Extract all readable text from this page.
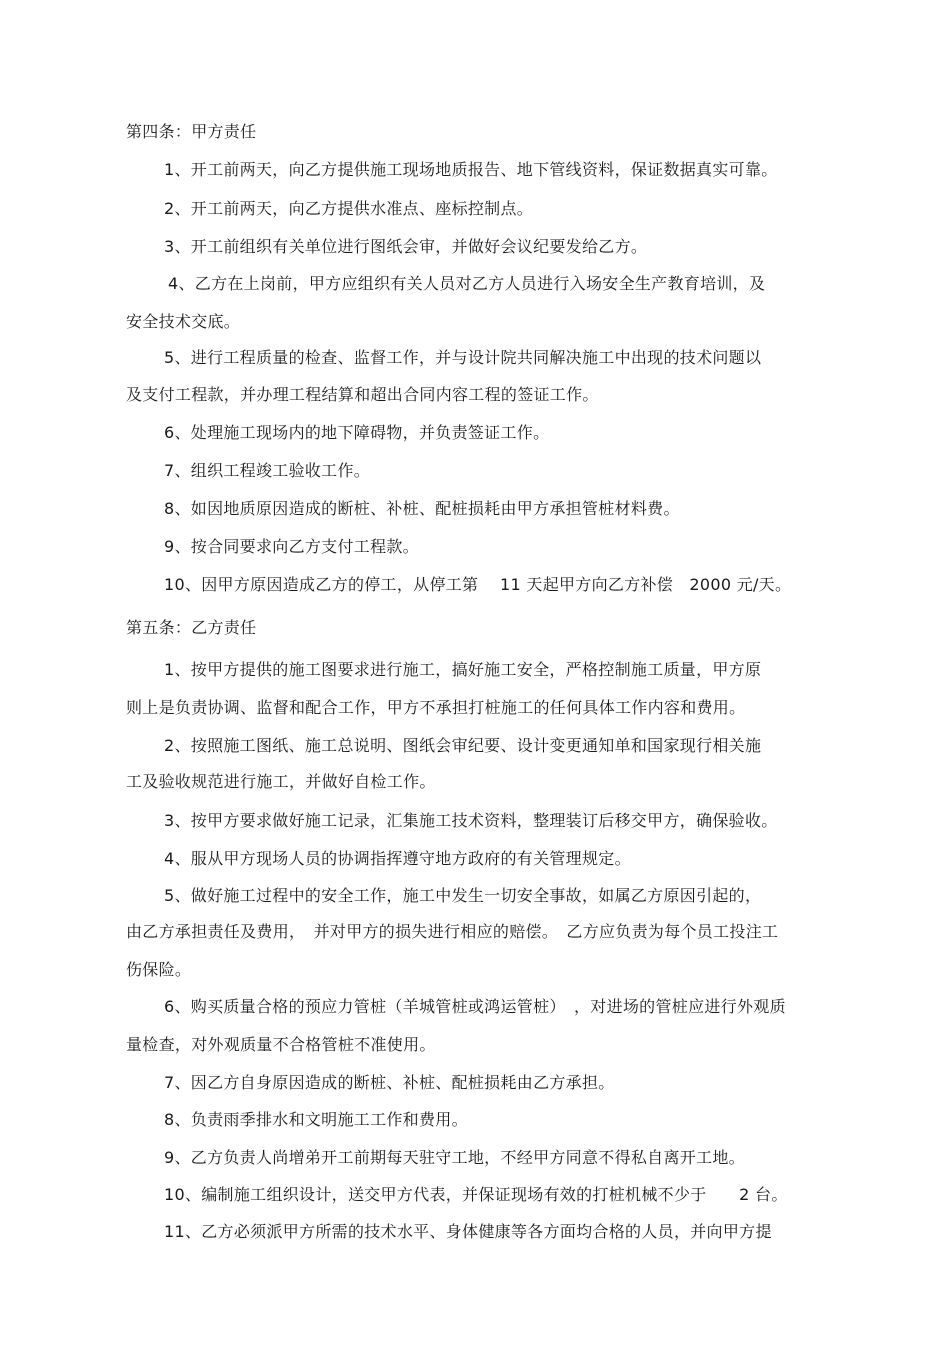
第四条：甲方责任
1、开工前两天，向乙方提供施工现场地质报告、地下管线资料，保证数据真实可靠。
2、开工前两天，向乙方提供水准点、座标控制点。
3、开工前组织有关单位进行图纸会审，并做好会议纪要发给乙方。
4、乙方在上岗前，甲方应组织有关人员对乙方人员进行入场安全生产教育培训，及
安全技术交底。
5、进行工程质量的检查、监督工作，并与设计院共同解决施工中出现的技术问题以
及支付工程款，并办理工程结算和超出合同内容工程的签证工作。
6、处理施工现场内的地下障碍物，并负责签证工作。
7、组织工程竣工验收工作。
8、如因地质原因造成的断桩、补桩、配桩损耗由甲方承担管桩材料费。
9、按合同要求向乙方支付工程款。
10、因甲方原因造成乙方的停工，从停工第　 11 天起甲方向乙方补偿　2000 元/天。
第五条：乙方责任
1、按甲方提供的施工图要求进行施工，搞好施工安全，严格控制施工质量，甲方原
则上是负责协调、监督和配合工作，甲方不承担打桩施工的任何具体工作内容和费用。
2、按照施工图纸、施工总说明、图纸会审纪要、设计变更通知单和国家现行相关施
工及验收规范进行施工，并做好自检工作。
3、按甲方要求做好施工记录，汇集施工技术资料，整理装订后移交甲方，确保验收。
4、服从甲方现场人员的协调指挥遵守地方政府的有关管理规定。
5、做好施工过程中的安全工作，施工中发生一切安全事故，如属乙方原因引起的，
由乙方承担责任及费用，　并对甲方的损失进行相应的赔偿。　乙方应负责为每个员工投注工
伤保险。
6、购买质量合格的预应力管桩（羊城管桩或鸿运管桩）　，对进场的管桩应进行外观质
量检查，对外观质量不合格管桩不准使用。
7、因乙方自身原因造成的断桩、补桩、配桩损耗由乙方承担。
8、负责雨季排水和文明施工工作和费用。
9、乙方负责人尚增弟开工前期每天驻守工地，不经甲方同意不得私自离开工地。
10、编制施工组织设计，送交甲方代表，并保证现场有效的打桩机械不少于　　2 台。
11、乙方必须派甲方所需的技术水平、身体健康等各方面均合格的人员，并向甲方提
